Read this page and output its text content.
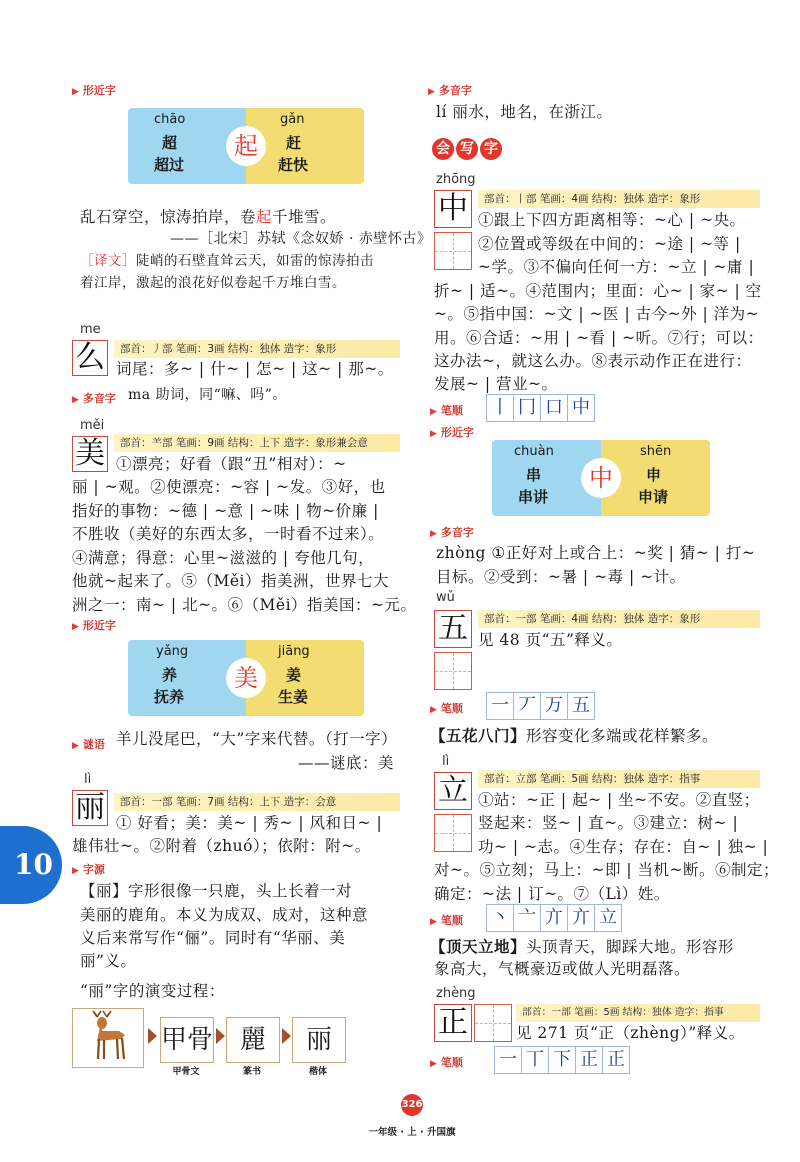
▶ 形近字
chāo
超
超过
起
gǎn
赶
赶快
乱石穿空，惊涛拍岸，卷起千堆雪。
——［北宋］苏轼《念奴娇 · 赤壁怀古》
［译文］陡峭的石壁直耸云天，如雷的惊涛拍击
着江岸，激起的浪花好似卷起千万堆白雪。
me
么	部首：丿部 笔画：3画 结构：独体 造字：象形
词尾：多~ | 什~ | 怎~ | 这~ | 那~。
▶ 多音字 ma 助词，同“嘛、吗”。
měi
美	部首：⺷部 笔画：9画 结构：上下 造字：象形兼会意
①漂亮；好看（跟“丑”相对）：~
丽 | ~观。②使漂亮：~容 | ~发。③好，也
指好的事物：~德 | ~意 | ~味 | 物~价廉 |
不胜收（美好的东西太多，一时看不过来）。
④满意；得意：心里~滋滋的 | 夸他几句，
他就~起来了。⑤（Měi）指美洲，世界七大
洲之一：南~ | 北~。⑥（Měi）指美国：~元。
▶ 形近字
yǎng
养
抚养
美
jiāng
姜
生姜
▶ 谜语 羊儿没尾巴，“大”字来代替。（打一字）
——谜底：美
lì
丽	部首：一部 笔画：7画 结构：上下 造字：会意
① 好看；美：美~ | 秀~ | 风和日~ |
雄伟壮~。②附着（zhuó）；依附：附~。
▶ 字源
【丽】字形很像一只鹿，头上长着一对
美丽的鹿角。本义为成双、成对，这种意
义后来常写作“俪”。同时有“华丽、美
丽”义。
“丽”字的演变过程：
甲骨	麗	丽
甲骨文	篆书	楷体
10
▶ 多音字
lí 丽水，地名，在浙江。
会 写 字
zhōng
中	部首：丨部 笔画：4画 结构：独体 造字：象形
①跟上下四方距离相等：~心 | ~央。
②位置或等级在中间的：~途 | ~等 |
~学。③不偏向任何一方：~立 | ~庸 |
折~ | 适~。④范围内；里面：心~ | 家~ | 空
~。⑤指中国：~文 | ~医 | 古今~外 | 洋为~
用。⑥合适：~用 | ~看 | ~听。⑦行；可以：
这办法~，就这么办。⑧表示动作正在进行：
发展~ | 营业~。
▶ 笔顺 丨 冂 口 中
▶ 形近字
chuàn
串
串讲
中
shēn
申
申请
▶ 多音字
zhòng ①正好对上或合上：~奖 | 猜~ | 打~
目标。②受到：~暑 | ~毒 | ~计。
wǔ
五	部首：一部 笔画：4画 结构：独体 造字：象形
见 48 页“五”释义。
▶ 笔顺 一 丆 万 五
【五花八门】形容变化多端或花样繁多。
lì
立	部首：立部 笔画：5画 结构：独体 造字：指事
①站：~正 | 起~ | 坐~不安。②直竖；
竖起来：竖~ | 直~。③建立：树~ |
功~ | ~志。④生存；存在：自~ | 独~ |
对~。⑤立刻；马上：~即 | 当机~断。⑥制定；
确定：~法 | 订~。⑦（Lì）姓。
▶ 笔顺 丶 亠 亣 亣 立
【顶天立地】头顶青天，脚踩大地。形容形
象高大，气概豪迈或做人光明磊落。
zhèng
正	部首：一部 笔画：5画 结构：独体 造字：指事
见 271 页“正（zhèng）”释义。
▶ 笔顺 一 丅 下 正 正
326
一年级 · 上 · 升国旗
